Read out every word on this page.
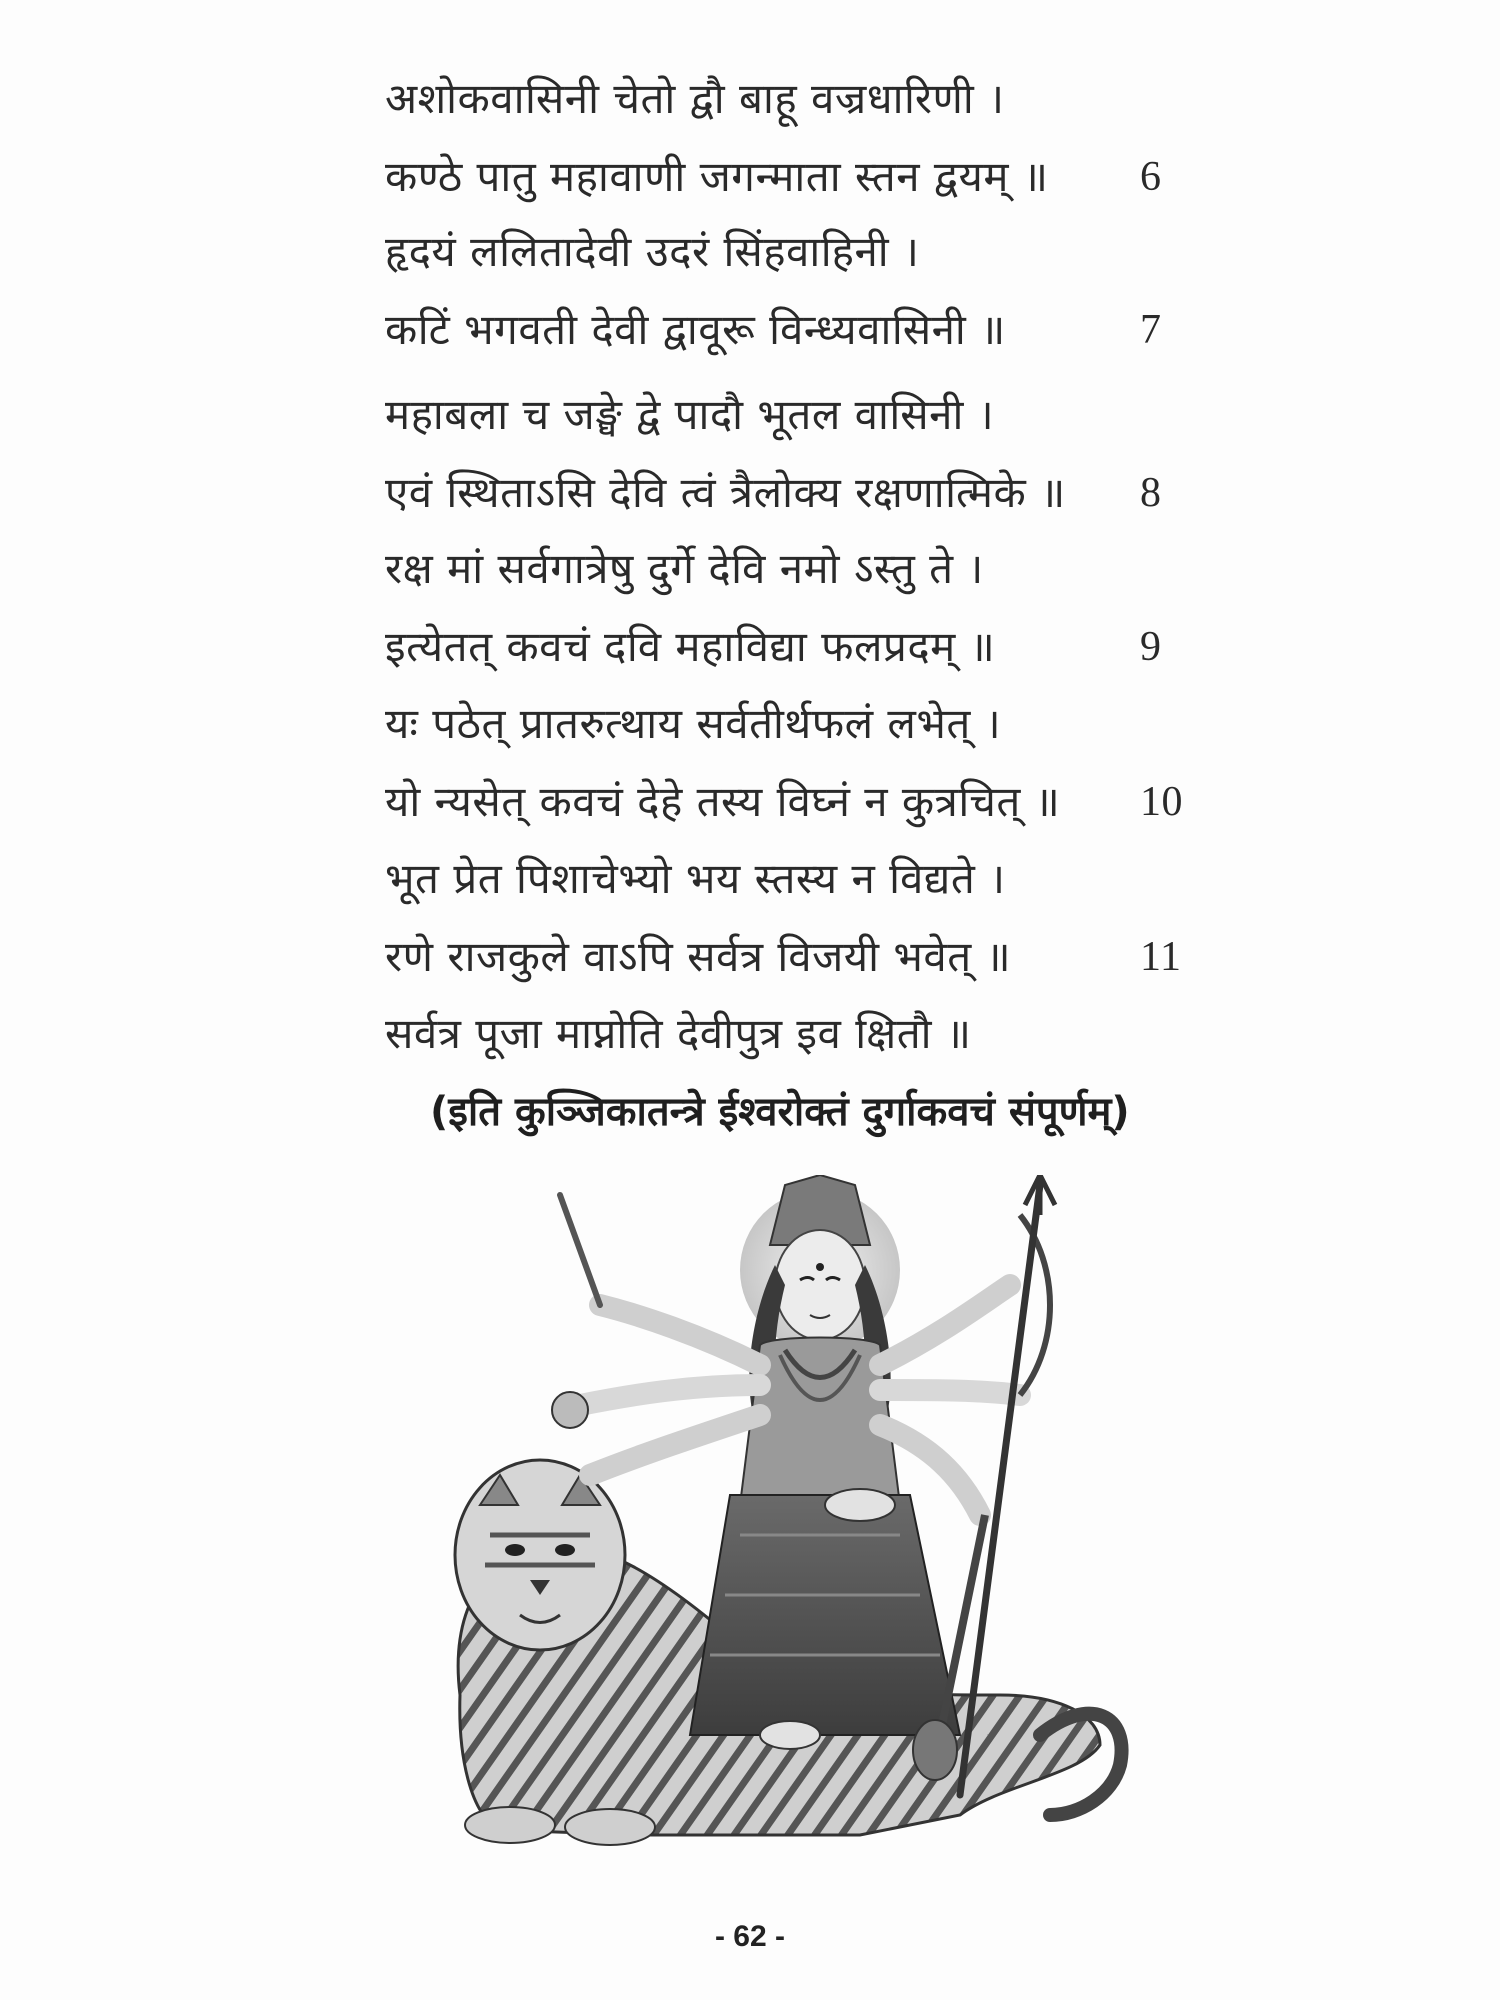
अशोकवासिनी चेतो द्वौ बाहू वज्रधारिणी ।
कण्ठे पातु महावाणी जगन्माता स्तन द्वयम् ॥ 6
हृदयं ललितादेवी उदरं सिंहवाहिनी ।
कटिं भगवती देवी द्वावूरू विन्ध्यवासिनी ॥	7
महाबला च जङ्घे द्वे पादौ भूतल वासिनी ।
एवं स्थिताऽसि देवि त्वं त्रैलोक्य रक्षणात्मिके ॥ 8
रक्ष मां सर्वगात्रेषु दुर्गे देवि नमो ऽस्तु ते ।
इत्येतत् कवचं दवि महाविद्या फलप्रदम् ॥	9
यः पठेत् प्रातरुत्थाय सर्वतीर्थफलं लभेत् ।
यो न्यसेत् कवचं देहे तस्य विघ्नं न कुत्रचित् ॥ 10
भूत प्रेत पिशाचेभ्यो भय स्तस्य न विद्यते ।
रणे राजकुले वाऽपि सर्वत्र विजयी भवेत् ॥	11
सर्वत्र पूजा माप्नोति देवीपुत्र इव क्षितौ ॥
(इति कुञ्जिकातन्त्रे ईश्वरोक्तं दुर्गाकवचं संपूर्णम्)
- 62 -
